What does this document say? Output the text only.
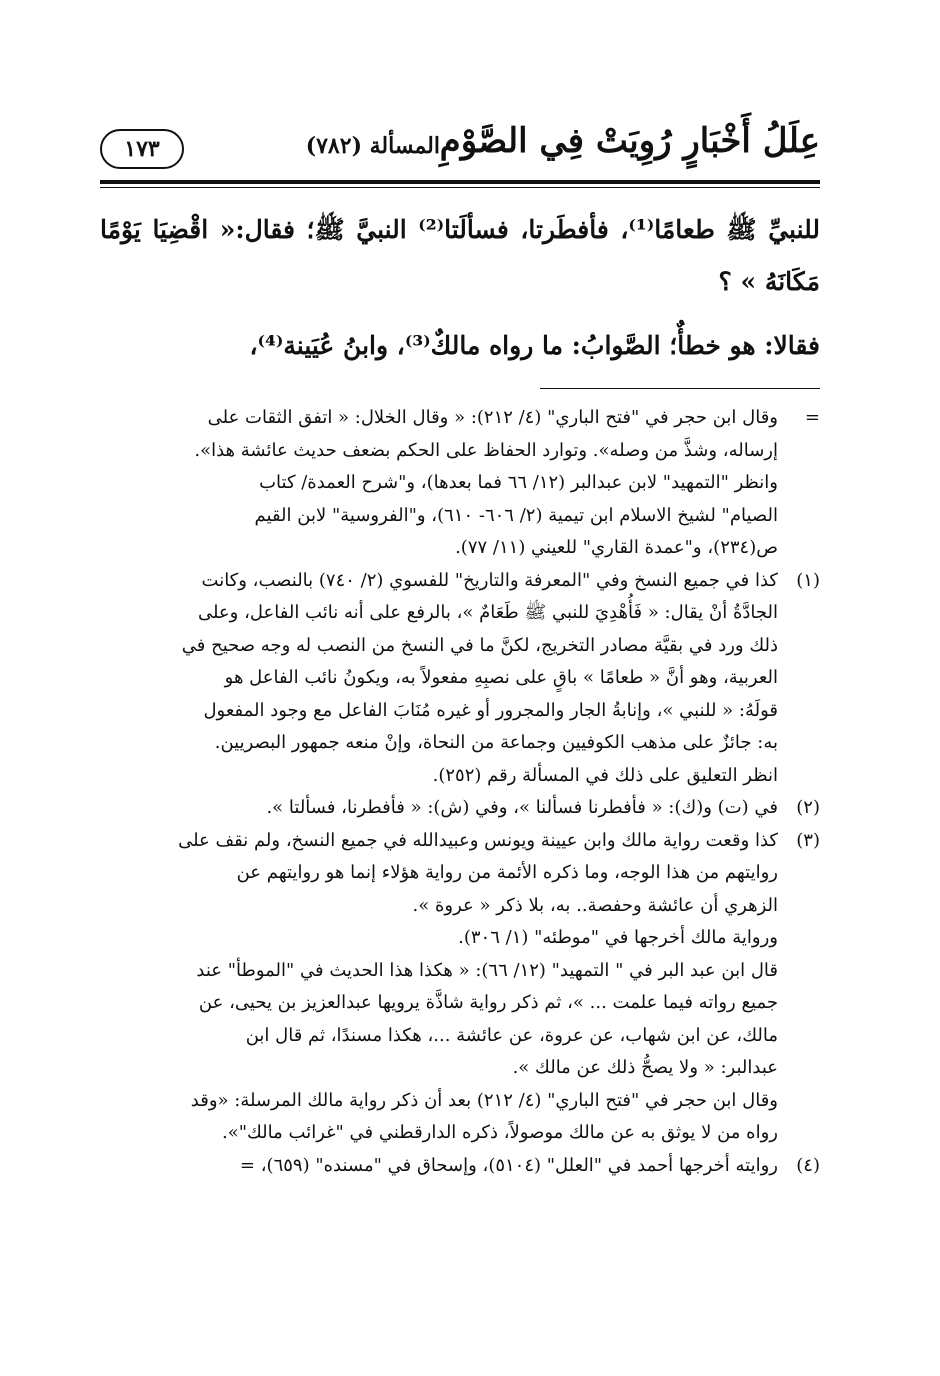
عِلَلُ أَخْبَارٍ رُوِيَتْ فِي الصَّوْمِ
المسألة (٧٨٢)
١٧٣

للنبيِّ ﷺ طعامًا⁽¹⁾، فأفطَرتا، فسألَتا⁽²⁾ النبيَّ ﷺ؛ فقال:« اقْضِيَا يَوْمًا مَكَانَهُ » ؟

فقالا: هو خطأٌ؛ الصَّوابُ: ما رواه مالكٌ⁽³⁾، وابنُ عُيَينة⁽⁴⁾،

=
وقال ابن حجر في "فتح الباري" (٤/ ٢١٢): « وقال الخلال: « اتفق الثقات على
إرساله، وشذَّ من وصله». وتوارد الحفاظ على الحكم بضعف حديث عائشة هذا».
وانظر "التمهيد" لابن عبدالبر (١٢/ ٦٦ فما بعدها)، و"شرح العمدة/ كتاب
الصيام" لشيخ الاسلام ابن تيمية (٢/ ٦٠٦- ٦١٠)، و"الفروسية" لابن القيم
ص(٢٣٤)، و"عمدة القاري" للعيني (١١/ ٧٧).
(١)
كذا في جميع النسخ وفي "المعرفة والتاريخ" للفسوي (٢/ ٧٤٠) بالنصب، وكانت
الجادَّةُ أنْ يقال: « فَأُهْدِيَ للنبي ﷺ طَعَامٌ »، بالرفع على أنه نائب الفاعل، وعلى
ذلك ورد في بقيَّة مصادر التخريج، لكنَّ ما في النسخ من النصب له وجه صحيح في
العربية، وهو أنَّ « طعامًا » باقٍ على نصبِهِ مفعولاً به، ويكونُ نائب الفاعل هو
قولَهُ: « للنبي »، وإنابةُ الجار والمجرور أو غيره مُنَابَ الفاعل مع وجود المفعول
به: جائزٌ على مذهب الكوفيين وجماعة من النحاة، وإنْ منعه جمهور البصريين.
انظر التعليق على ذلك في المسألة رقم (٢٥٢).
(٢)
في (ت) و(ك): « فأفطرنا فسألنا »، وفي (ش): « فأفطرنا، فسألتا ».
(٣)
كذا وقعت رواية مالك وابن عيينة ويونس وعبيدالله في جميع النسخ، ولم نقف على
روايتهم من هذا الوجه، وما ذكره الأئمة من رواية هؤلاء إنما هو روايتهم عن
الزهري أن عائشة وحفصة.. به، بلا ذكر « عروة ».
ورواية مالك أخرجها في "موطئه" (١/ ٣٠٦).
قال ابن عبد البر في " التمهيد" (١٢/ ٦٦): « هكذا هذا الحديث في "الموطأ" عند
جميع رواته فيما علمت ... »، ثم ذكر رواية شاذَّة يرويها عبدالعزيز بن يحيى، عن
مالك، عن ابن شهاب، عن عروة، عن عائشة ...، هكذا مسندًا، ثم قال ابن
عبدالبر: « ولا يصحُّ ذلك عن مالك ».
وقال ابن حجر في "فتح الباري" (٤/ ٢١٢) بعد أن ذكر رواية مالك المرسلة: «وقد
رواه من لا يوثق به عن مالك موصولاً، ذكره الدارقطني في "غرائب مالك"».
(٤)
روايته أخرجها أحمد في "العلل" (٥١٠٤)، وإسحاق في "مسنده" (٦٥٩)، =
